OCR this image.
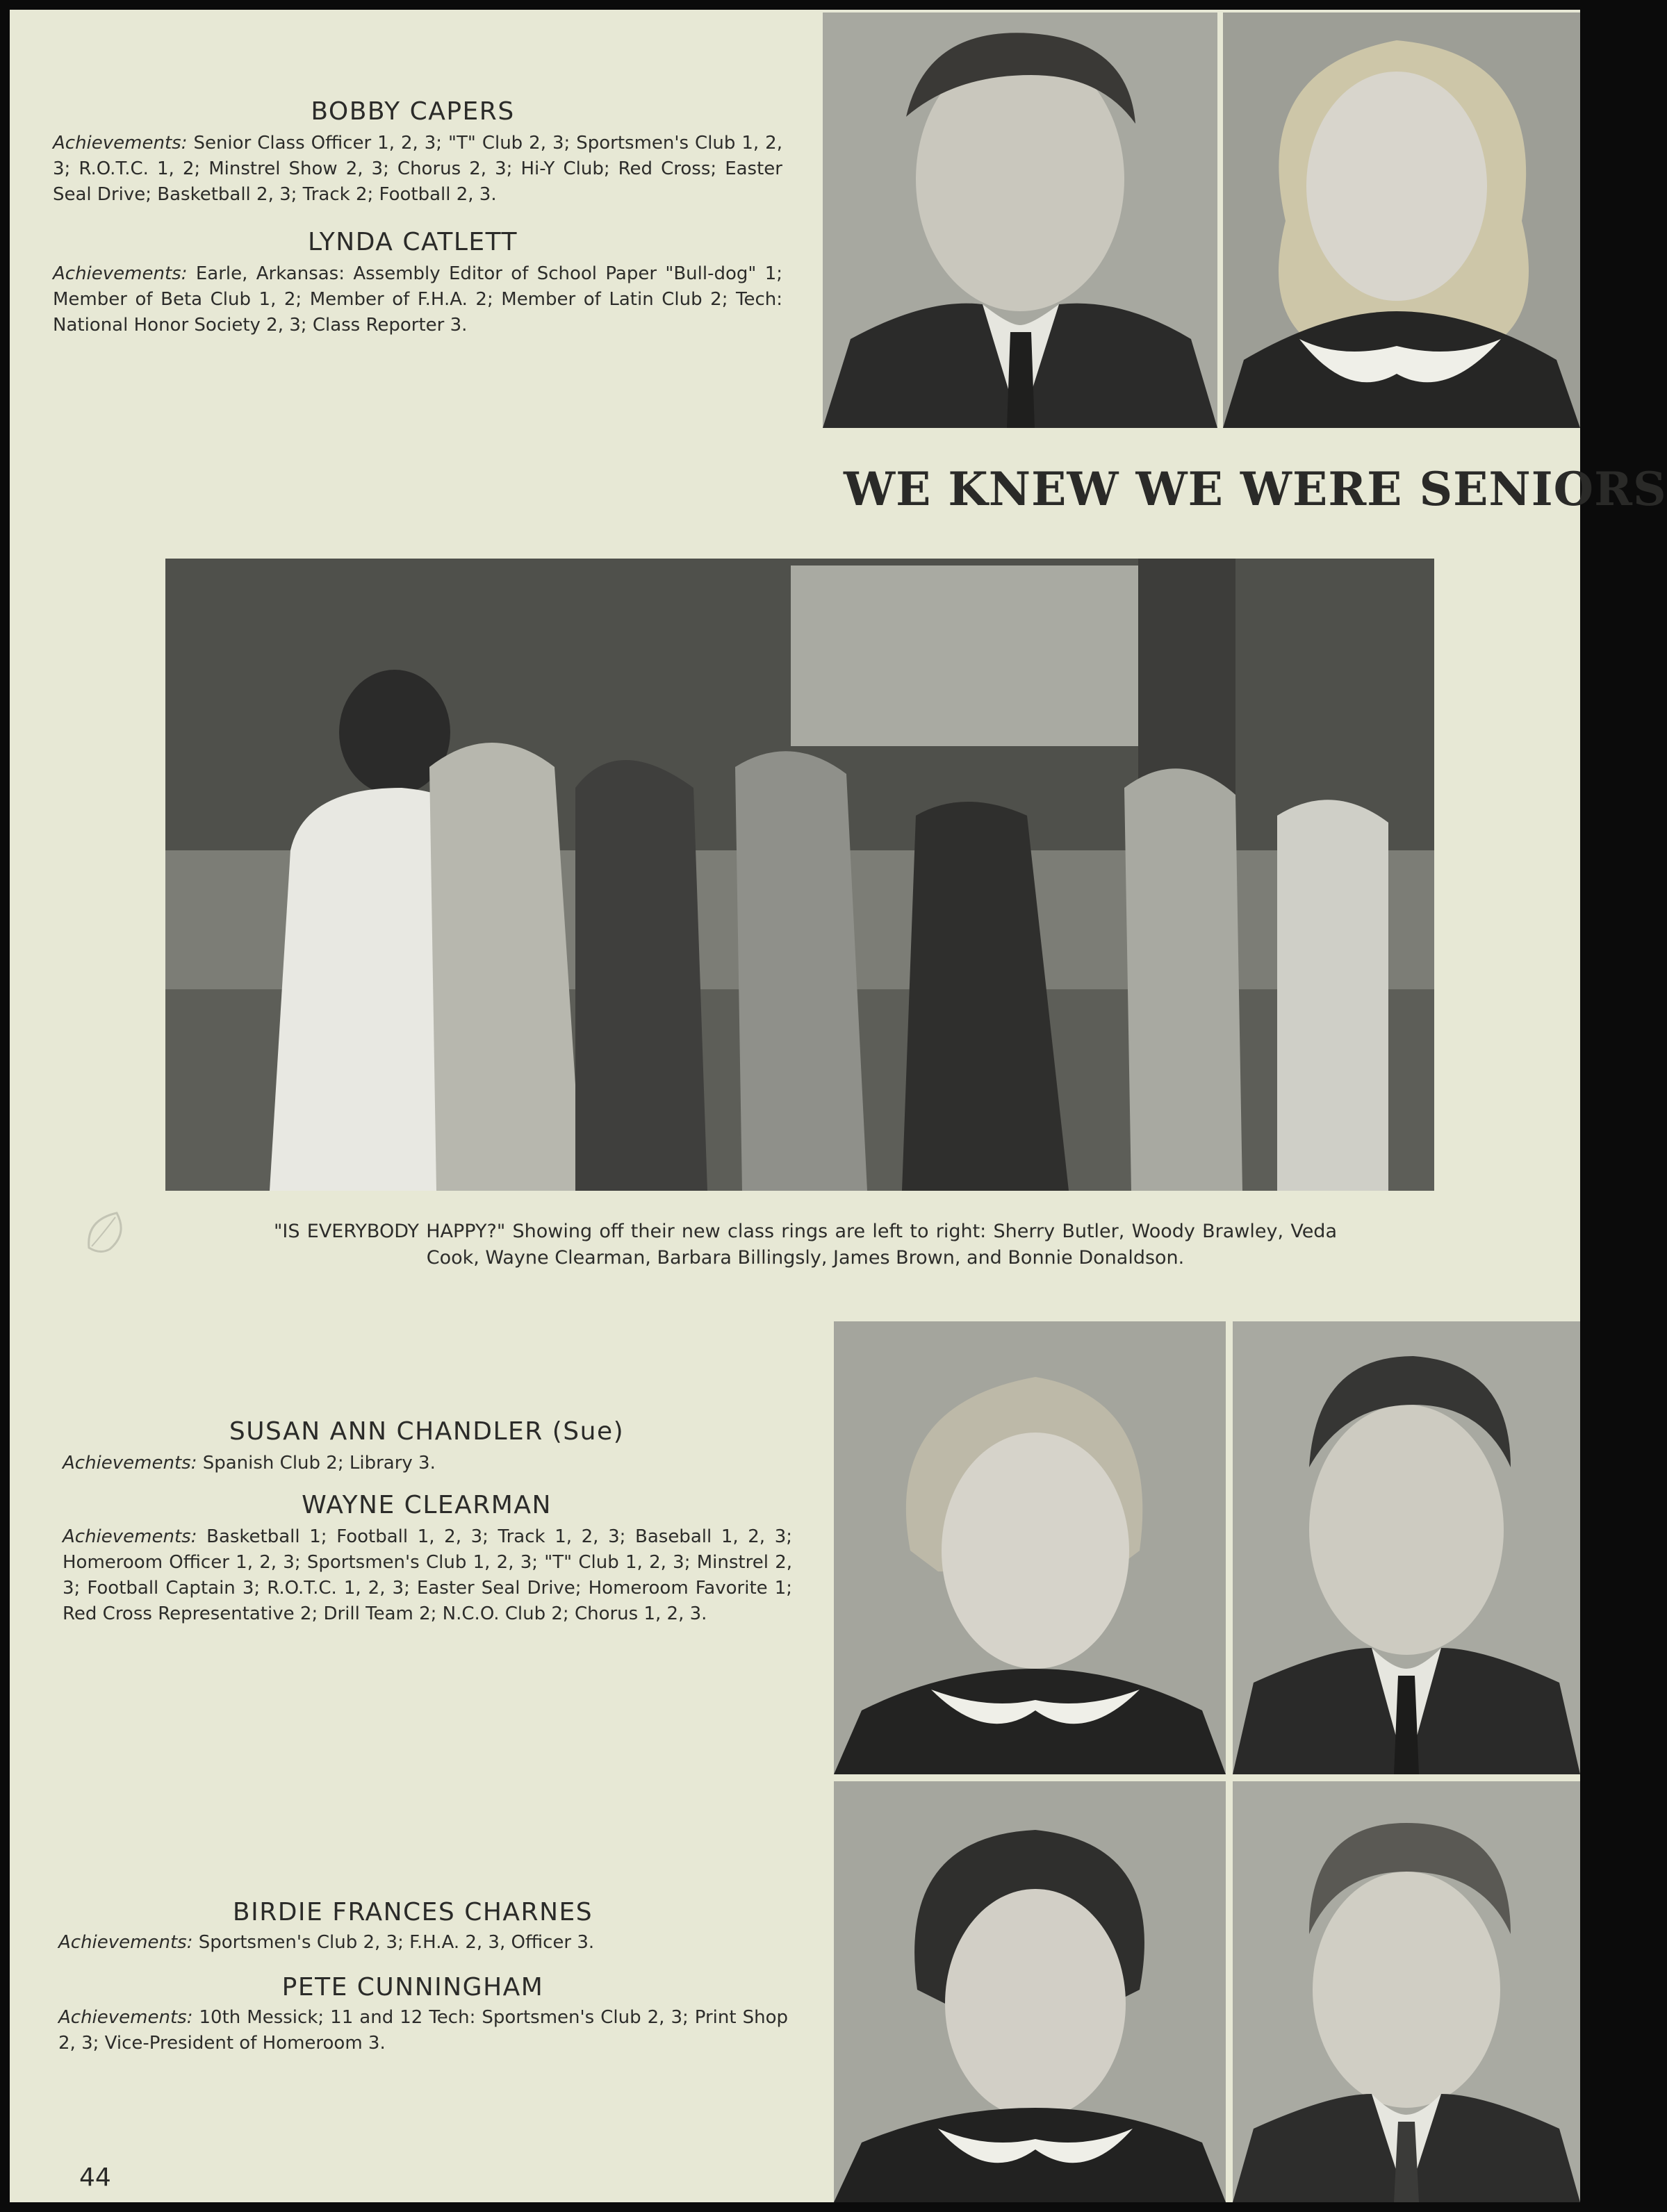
BOBBY CAPERS
Achievements: Senior Class Officer 1, 2, 3; "T" Club 2, 3; Sportsmen's Club 1, 2, 3; R.O.T.C. 1, 2; Minstrel Show 2, 3; Chorus 2, 3; Hi-Y Club; Red Cross; Easter Seal Drive; Basketball 2, 3; Track 2; Football 2, 3.
LYNDA CATLETT
Achievements: Earle, Arkansas: Assembly Editor of School Paper "Bull-dog" 1; Member of Beta Club 1, 2; Member of F.H.A. 2; Member of Latin Club 2; Tech: National Honor Society 2, 3; Class Reporter 3.
WE KNEW WE WERE SENIORS
"IS EVERYBODY HAPPY?" Showing off their new class rings are left to right: Sherry Butler, Woody Brawley, Veda Cook, Wayne Clearman, Barbara Billingsly, James Brown, and Bonnie Donaldson.
SUSAN ANN CHANDLER (Sue)
Achievements: Spanish Club 2; Library 3.
WAYNE CLEARMAN
Achievements: Basketball 1; Football 1, 2, 3; Track 1, 2, 3; Baseball 1, 2, 3; Homeroom Officer 1, 2, 3; Sportsmen's Club 1, 2, 3; "T" Club 1, 2, 3; Minstrel 2, 3; Football Captain 3; R.O.T.C. 1, 2, 3; Easter Seal Drive; Homeroom Favorite 1; Red Cross Representative 2; Drill Team 2; N.C.O. Club 2; Chorus 1, 2, 3.
BIRDIE FRANCES CHARNES
Achievements: Sportsmen's Club 2, 3; F.H.A. 2, 3, Officer 3.
PETE CUNNINGHAM
Achievements: 10th Messick; 11 and 12 Tech: Sportsmen's Club 2, 3; Print Shop 2, 3; Vice-President of Homeroom 3.
44
